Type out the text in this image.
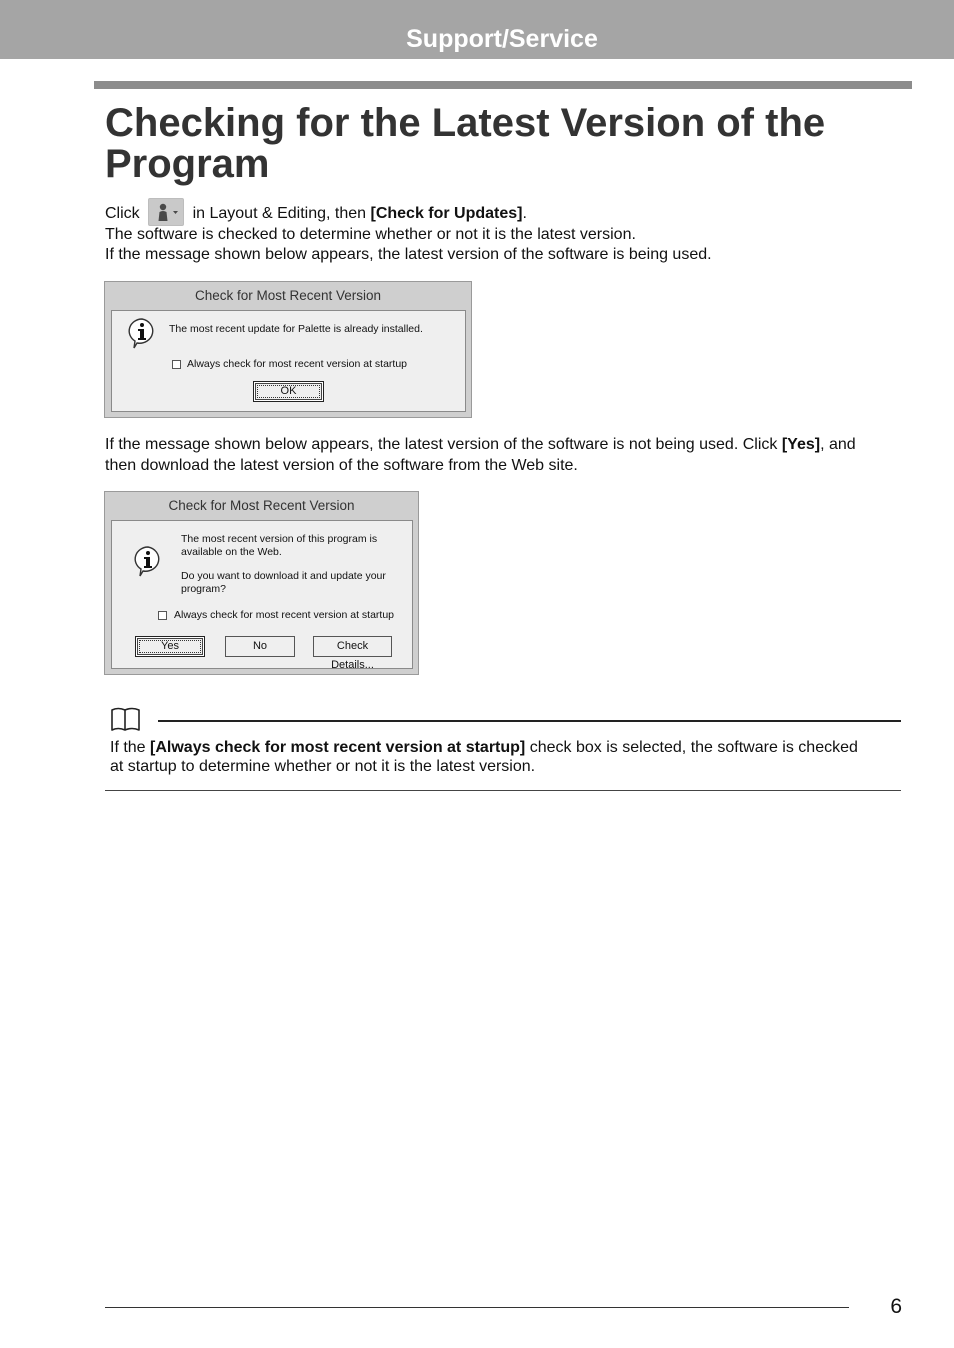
Support/Service
Checking for the Latest Version of the Program

Click	in Layout & Editing, then [Check for Updates].

The software is checked to determine whether or not it is the latest version.

If the message shown below appears, the latest version of the software is being used.

Check for Most Recent Version
The most recent update for Palette is already installed.
Always check for most recent version at startup
OK

If the message shown below appears, the latest version of the software is not being used. Click [Yes], and

then download the latest version of the software from the Web site.

Check for Most Recent Version
The most recent version of this program is
available on the Web.
Do you want to download it and update your
program?
Always check for most recent version at startup
Yes	No	Check Details...

If the [Always check for most recent version at startup] check box is selected, the software is checked

at startup to determine whether or not it is the latest version.

6
